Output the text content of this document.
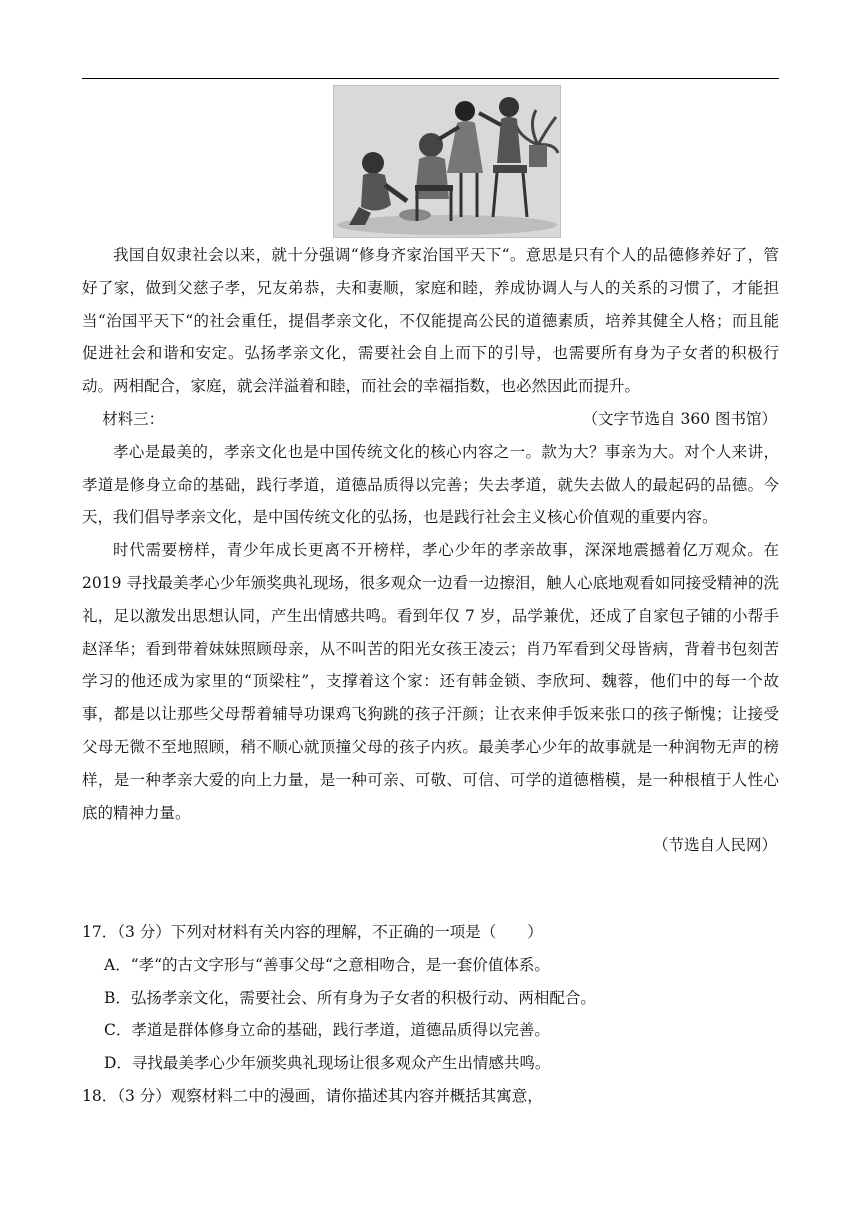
我国自奴隶社会以来，就十分强调“修身齐家治国平天下“。意思是只有个人的品德修养好了，管好了家，做到父慈子孝，兄友弟恭，夫和妻顺，家庭和睦，养成协调人与人的关系的习惯了，才能担当“治国平天下“的社会重任，提倡孝亲文化，不仅能提高公民的道德素质，培养其健全人格；而且能促进社会和谐和安定。弘扬孝亲文化，需要社会自上而下的引导，也需要所有身为子女者的积极行动。两相配合，家庭，就会洋溢着和睦，而社会的幸福指数，也必然因此而提升。

（文字节选自 360 图书馆）

材料三：

孝心是最美的，孝亲文化也是中国传统文化的核心内容之一。款为大？事亲为大。对个人来讲，孝道是修身立命的基础，践行孝道，道德品质得以完善；失去孝道，就失去做人的最起码的品德。今天，我们倡导孝亲文化，是中国传统文化的弘扬，也是践行社会主义核心价值观的重要内容。

时代需要榜样，青少年成长更离不开榜样，孝心少年的孝亲故事，深深地震撼着亿万观众。在 2019 寻找最美孝心少年颁奖典礼现场，很多观众一边看一边擦泪，触人心底地观看如同接受精神的洗礼，足以激发出思想认同，产生出情感共鸣。看到年仅 7 岁，品学兼优，还成了自家包子铺的小帮手赵泽华；看到带着妹妹照顾母亲，从不叫苦的阳光女孩王凌云；肖乃军看到父母皆病，背着书包刻苦学习的他还成为家里的“顶梁柱”，支撑着这个家：还有韩金锁、李欣珂、魏蓉，他们中的每一个故事，都是以让那些父母帮着辅导功课鸡飞狗跳的孩子汗颜；让衣来伸手饭来张口的孩子惭愧；让接受父母无微不至地照顾，稍不顺心就顶撞父母的孩子内疚。最美孝心少年的故事就是一种润物无声的榜样，是一种孝亲大爱的向上力量，是一种可亲、可敬、可信、可学的道德楷模，是一种根植于人性心底的精神力量。

（节选自人民网）

17．（3 分）下列对材料有关内容的理解，不正确的一项是（　　）

A．“孝“的古文字形与“善事父母“之意相吻合，是一套价值体系。

B．弘扬孝亲文化，需要社会、所有身为子女者的积极行动、两相配合。

C．孝道是群体修身立命的基础，践行孝道，道德品质得以完善。

D．寻找最美孝心少年颁奖典礼现场让很多观众产生出情感共鸣。

18．（3 分）观察材料二中的漫画，请你描述其内容并概括其寓意，
